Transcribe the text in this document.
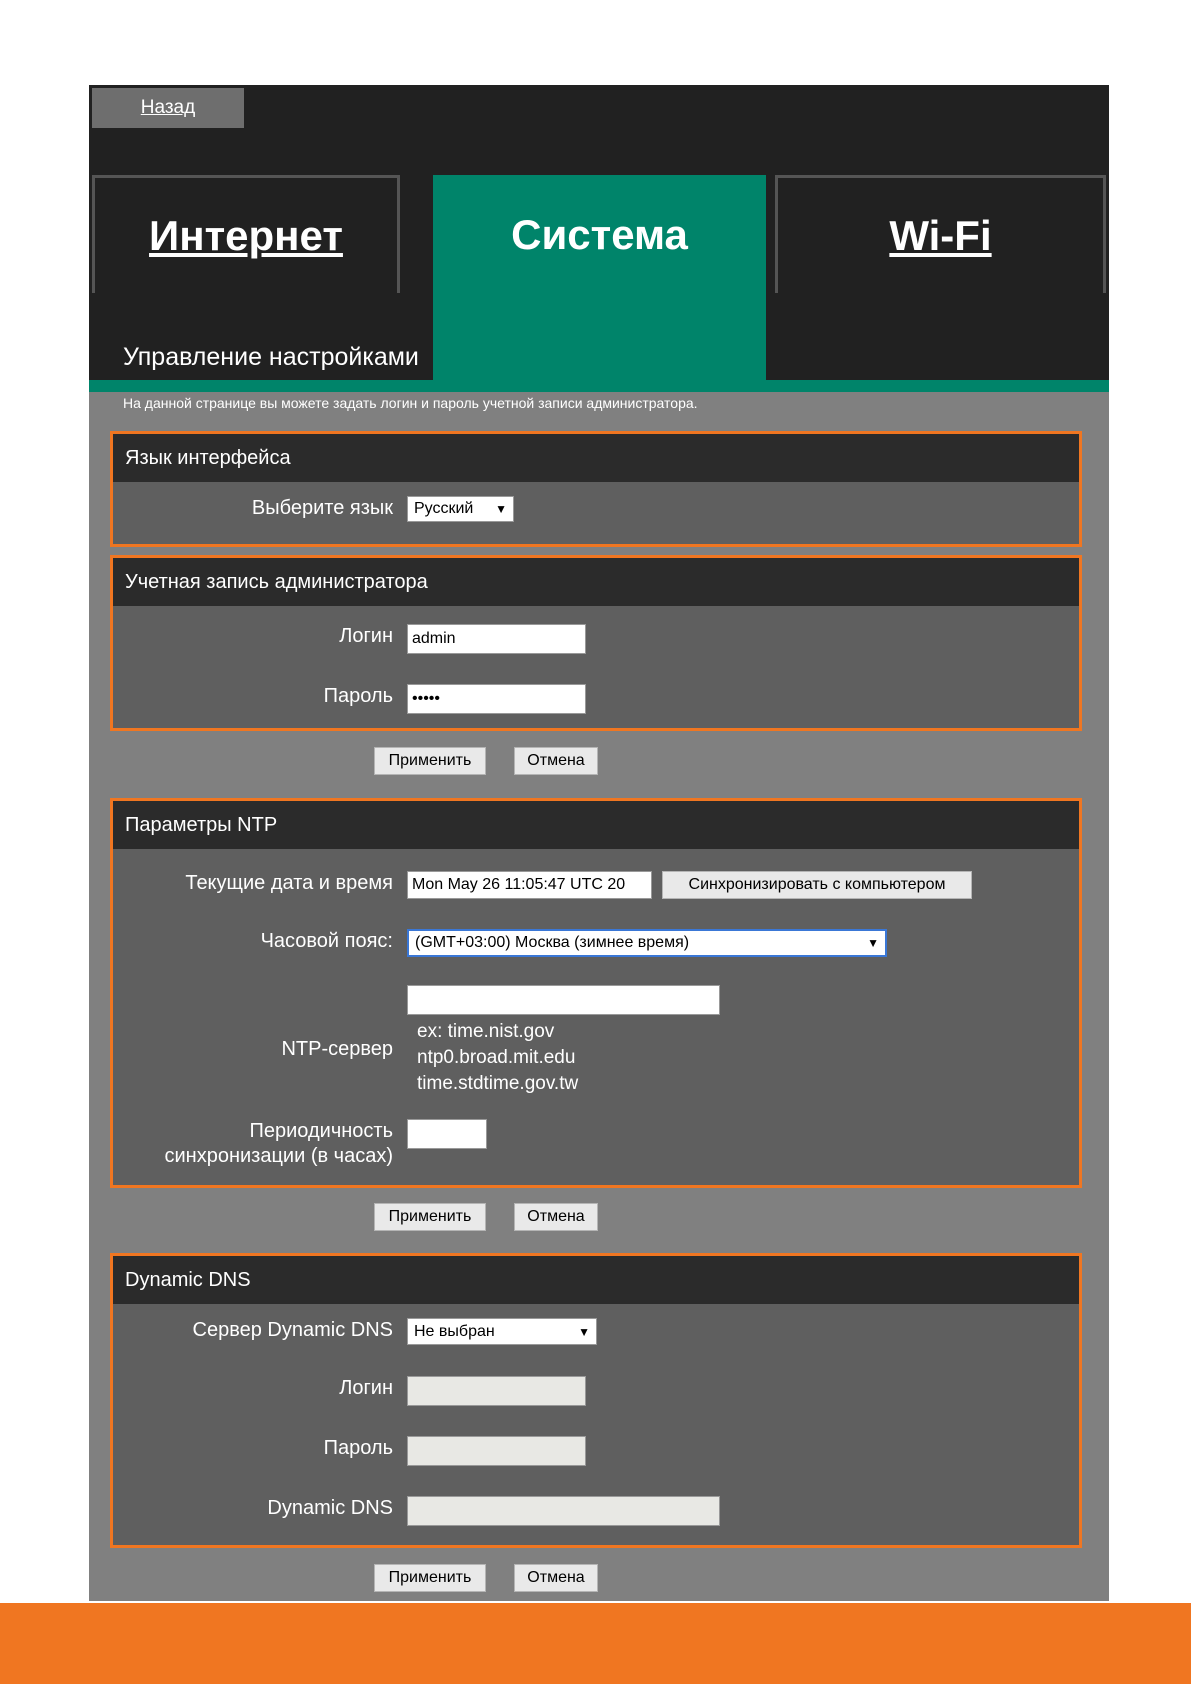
Назад
Интернет	Система	Wi-Fi
Управление настройками
На данной странице вы можете задать логин и пароль учетной записи администратора.
Язык интерфейса
Выберите язык Русский ▼
Учетная запись администратора
Логин	admin
Пароль	•••••
Применить	Отмена
Параметры NTP
Текущие дата и время	Mon May 26 11:05:47 UTC 20	Синхронизировать с компьютером
Часовой пояс: (GMT+03:00) Москва (зимнее время)	▼
NTP-сервер
ex: time.nist.gov
ntp0.broad.mit.edu
time.stdtime.gov.tw
Периодичность
синхронизации (в часах)
Применить	Отмена
Dynamic DNS
Сервер Dynamic DNS Не выбран	▼
Логин
Пароль
Dynamic DNS
Применить	Отмена
